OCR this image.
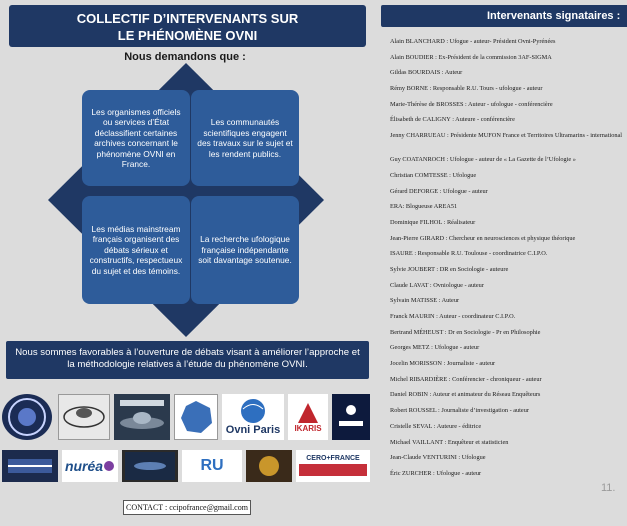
COLLECTIF D’INTERVENANTS SUR
LE PHÉNOMÈNE OVNI
Nous demandons que :
Les organismes officiels ou services d’État déclassifient certaines archives concernant le phénomène OVNI en France.
Les communautés scientifiques engagent des travaux sur le sujet et les rendent publics.
Les médias mainstream français organisent des débats sérieux et constructifs, respectueux du sujet et des témoins.
La recherche ufologique française indépendante soit davantage soutenue.
Nous sommes favorables à l’ouverture de débats visant à améliorer l’approche et
la méthodologie relatives à l’étude du phénomène OVNI.
Ovni Paris IKARIS
nuréa	RU	CERO+FRANCE
CONTACT : ccipofrance@gmail.com
Intervenants signataires :
Alain BLANCHARD : Ufogue - auteur- Président Ovni-Pyrénées
Alain BOUDIER : Ex-Président de la commission 3AF-SIGMA
Gildas BOURDAIS : Auteur
Rémy BORNE : Responsable R.U. Tours - ufologue - auteur
Marie-Thérèse de BROSSES : Auteur - ufologue - conférencière
Élisabeth de CALIGNY : Auteure - conférencière
Jenny CHARRUEAU : Présidente MUFON France et Territoires Ultramarins - international
Guy COATANROCH : Ufologue - auteur de « La Gazette de l’Ufologie »
Christian COMTESSE : Ufologue
Gérard DEFORGE : Ufologue - auteur
ERA: Blogueuse AREA51
Dominique FILHOL : Réalisateur
Jean-Pierre GIRARD : Chercheur en neurosciences et physique théorique
ISAURE : Responsable R.U. Toulouse - coordinatrice C.I.P.O.
Sylvie JOUBERT : DR en Sociologie - auteure
Claude LAVAT : Ovniologue - auteur
Sylvain MATISSE : Auteur
Franck MAURIN : Auteur - coordinateur C.I.P.O.
Bertrand MÉHEUST : Dr en Sociologie - Pr en Philosophie
Georges METZ : Ufologue - auteur
Jocelin MORISSON : Journaliste - auteur
Michel RIBARDIÈRE : Conférencier - chroniqueur - auteur
Daniel ROBIN : Auteur et animateur du Réseau Enquêteurs
Robert ROUSSEL : Journaliste d’investigation - auteur
Cristelle SEVAL : Auteure - éditrice
Michael VAILLANT : Enquêteur et statisticien
Jean-Claude VENTURINI : Ufologue
Éric ZURCHER : Ufologue - auteur
11.
